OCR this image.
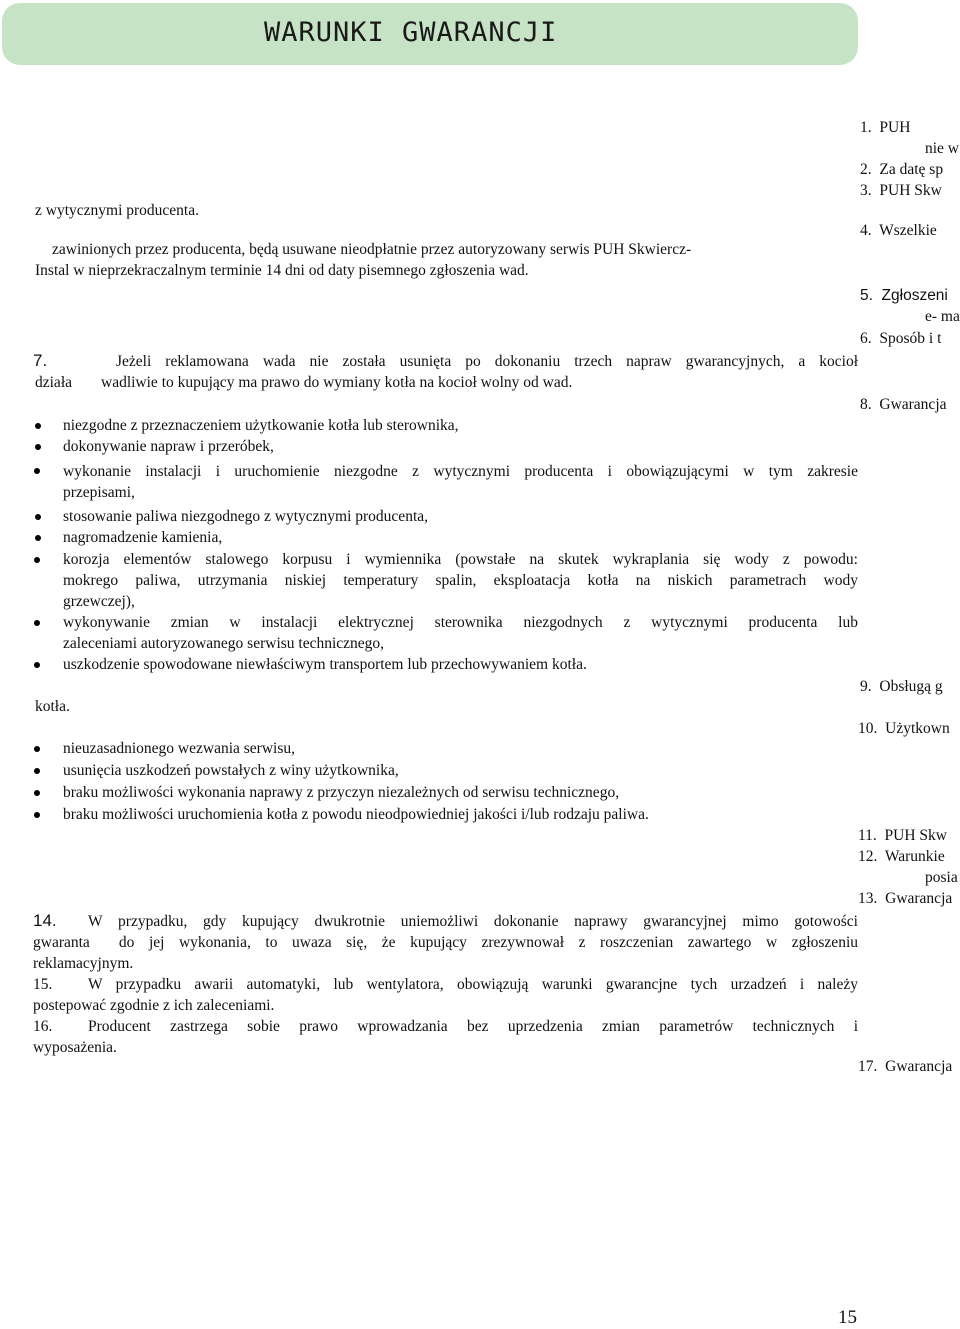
WARUNKI GWARANCJI
z wytycznymi producenta.
zawinionych przez producenta, będą usuwane nieodpłatnie przez autoryzowany serwis PUH Skwiercz-
Instal w nieprzekraczalnym terminie 14 dni od daty pisemnego zgłoszenia wad.
7.	Jeżeli reklamowana wada nie została usunięta po dokonaniu trzech napraw gwarancyjnych, a kocioł
działa wadliwie to kupujący ma prawo do wymiany kotła na kocioł wolny od wad.
niezgodne z przeznaczeniem użytkowanie kotła lub sterownika,
dokonywanie napraw i przeróbek,
wykonanie instalacji i uruchomienie niezgodne z wytycznymi producenta i obowiązującymi w tym zakresie
przepisami,
stosowanie paliwa niezgodnego z wytycznymi producenta,
nagromadzenie kamienia,
korozja elementów stalowego korpusu i wymiennika (powstałe na skutek wykraplania się wody z powodu:
mokrego paliwa, utrzymania niskiej temperatury spalin, eksploatacja kotła na niskich parametrach wody
grzewczej),
wykonywanie zmian w instalacji elektrycznej sterownika niezgodnych z wytycznymi producenta lub
zaleceniami autoryzowanego serwisu technicznego,
uszkodzenie spowodowane niewłaściwym transportem lub przechowywaniem kotła.
kotła.
nieuzasadnionego wezwania serwisu,
usunięcia uszkodzeń powstałych z winy użytkownika,
braku możliwości wykonania naprawy z przyczyn niezależnych od serwisu technicznego,
braku możliwości uruchomienia kotła z powodu nieodpowiedniej jakości i/lub rodzaju paliwa.
14. W przypadku, gdy kupujący dwukrotnie uniemożliwi dokonanie naprawy gwarancyjnej mimo gotowości
gwaranta  do jej wykonania, to uwaza się, że kupujący zrezywnował z roszczenian zawartego w zgłoszeniu
reklamacyjnym.
15. W przypadku awarii automatyki, lub wentylatora, obowiązują warunki gwarancjne tych urzadzeń i należy
postepować zgodnie z ich zaleceniami.
16. Producent zastrzega sobie prawo wprowadzania bez uprzedzenia zmian parametrów technicznych i
wyposażenia.
1.  PUH
nie w
2.  Za datę sp
3.  PUH Skw
4.  Wszelkie
5.  Zgłoszeni
e- ma
6.  Sposób i t
8.  Gwarancja
9.  Obsługą g
10.  Użytkown
11.  PUH Skw
12.  Warunkie
posia
13.  Gwarancja
17.  Gwarancja
15
